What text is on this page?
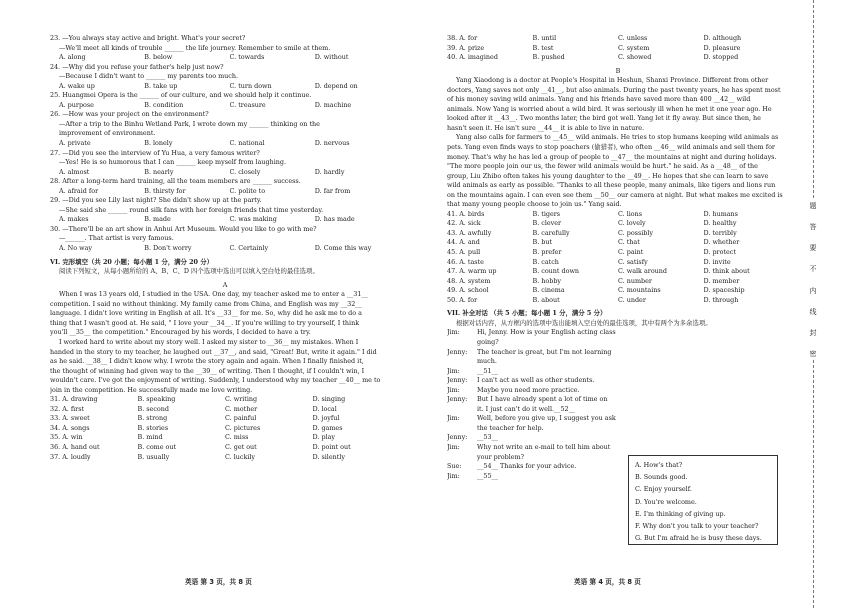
23. —You always stay active and bright. What's your secret?
—We'll meet all kinds of trouble ______ the life journey. Remember to smile at them.
A. along	B. below	C. towards	D. without
24. —Why did you refuse your father's help just now?
—Because I didn't want to ______ my parents too much.
A. wake up	B. take up	C. turn down	D. depend on
25. Huangmei Opera is the ______ of our culture, and we should help it continue.
A. purpose	B. condition	C. treasure	D. machine
26. —How was your project on the environment?
—After a trip to the Binhu Wetland Park, I wrote down my ______ thinking on the
improvement of environment.
A. private	B. lonely	C. national	D. nervous
27. —Did you see the interview of Yu Hua, a very famous writer?
—Yes! He is so humorous that I can ______ keep myself from laughing.
A. almost	B. nearly	C. closely	D. hardly
28. After a long-term hard training, all the team members are ______ success.
A. afraid for	B. thirsty for	C. polite to	D. far from
29. —Did you see Lily last night? She didn't show up at the party.
—She said she ______ round silk fans with her foreign friends that time yesterday.
A. makes	B. made	C. was making	D. has made
30. —There'll be an art show in Anhui Art Museum. Would you like to go with me?
—______. That artist is very famous.
A. No way	B. Don't worry	C. Certainly	D. Come this way
VI. 完形填空（共 20 小题；每小题 1 分，满分 20 分）
阅读下列短文，从每小题所给的 A、B、C、D 四个选项中选出可以填入空白处的最佳选项。
A
When I was 13 years old, I studied in the USA. One day, my teacher asked me to enter a __31__
competition. I said no without thinking. My family came from China, and English was my __32__
language. I didn't love writing in English at all. It's __33__ for me. So, why did he ask me to do a
thing that I wasn't good at. He said, " I love your __34__. If you're willing to try yourself, I think
you'll __35__ the competition." Encouraged by his words, I decided to have a try.
I worked hard to write about my story well. I asked my sister to __36__ my mistakes. When I
handed in the story to my teacher, he laughed out __37__, and said, "Great! But, write it again." I did
as he said. __38__ I didn't know why. I wrote the story again and again. When I finally finished it,
the thought of winning had given way to the __39__ of writing. Then I thought, if I couldn't win, I
wouldn't care. I've got the enjoyment of writing. Suddenly, I understood why my teacher __40__ me to
join in the competition. He successfully made me love writing.
31. A. drawing	B. speaking	C. writing	D. singing
32. A. first	B. second	C. mother	D. local
33. A. sweet	B. strong	C. painful	D. joyful
34. A. songs	B. stories	C. pictures	D. games
35. A. win	B. mind	C. miss	D. play
36. A. hand out	B. come out	C. get out	D. point out
37. A. loudly	B. usually	C. luckily	D. silently
38. A. for	B. until	C. unless	D. although
39. A. prize	B. test	C. system	D. pleasure
40. A. imagined	B. pushed	C. showed	D. stopped
B
Yang Xiaodong is a doctor at People's Hospital in Heshun, Shanxi Province. Different from other
doctors, Yang saves not only __41__, but also animals. During the past twenty years, he has spent most
of his money saving wild animals. Yang and his friends have saved more than 400 __42__ wild
animals. Now Yang is worried about a wild bird. It was seriously ill when he met it one year ago. He
looked after it __43__. Two months later, the bird got well. Yang let it fly away. But since then, he
hasn't seen it. He isn't sure __44__ it is able to live in nature.
Yang also calls for farmers to __45__ wild animals. He tries to stop humans keeping wild animals as
pets. Yang even finds ways to stop poachers (偷猎者), who often __46__ wild animals and sell them for
money. That's why he has led a group of people to __47__ the mountains at night and during holidays.
"The more people join our us, the fewer wild animals would be hurt." he said. As a __48__ of the
group, Liu Zhibo often takes his young daughter to the __49__. He hopes that she can learn to save
wild animals as early as possible. "Thanks to all these people, many animals, like tigers and lions run
on the mountains again. I can even see them __50__ our camera at night. But what makes me excited is
that many young people choose to join us." Yang said.
41. A. birds	B. tigers	C. lions	D. humans
42. A. sick	B. clever	C. lovely	D. healthy
43. A. awfully	B. carefully	C. possibly	D. terribly
44. A. and	B. but	C. that	D. whether
45. A. pull	B. prefer	C. paint	D. protect
46. A. taste	B. catch	C. satisfy	D. invite
47. A. warm up	B. count down	C. walk around	D. think about
48. A. system	B. hobby	C. number	D. member
49. A. school	B. cinema	C. mountains	D. spaceship
50. A. for	B. about	C. under	D. through
VII. 补全对话 （共 5 小题；每小题 1 分，满分 5 分）
根据对话内容，从方框内的选项中选出能填入空白处的最佳选项，其中有两个为多余选项。
Jim:	Hi, Jenny. How is your English acting class going?
Jenny:	The teacher is great, but I'm not learning much.
Jim:	__51__
Jenny:	I can't act as well as other students.
Jim:	Maybe you need more practice.
Jenny:	But I have already spent a lot of time on
it. I just can't do it well.__52__
Jim:	Well, before you give up, I suggest you ask
the teacher for help.
Jenny:	__53__
Jim:	Why not write an e-mail to tell him about
your problem?
Sue:	__54__ Thanks for your advice.
Jim:	__55__
A. How's that?
B. Sounds good.
C. Enjoy yourself.
D. You're welcome.
E. I'm thinking of giving up.
F. Why don't you talk to your teacher?
G. But I'm afraid he is busy these days.
英语 第 3 页，共 8 页	英语 第 4 页，共 8 页
题
答
要
不
内
线
封
密
